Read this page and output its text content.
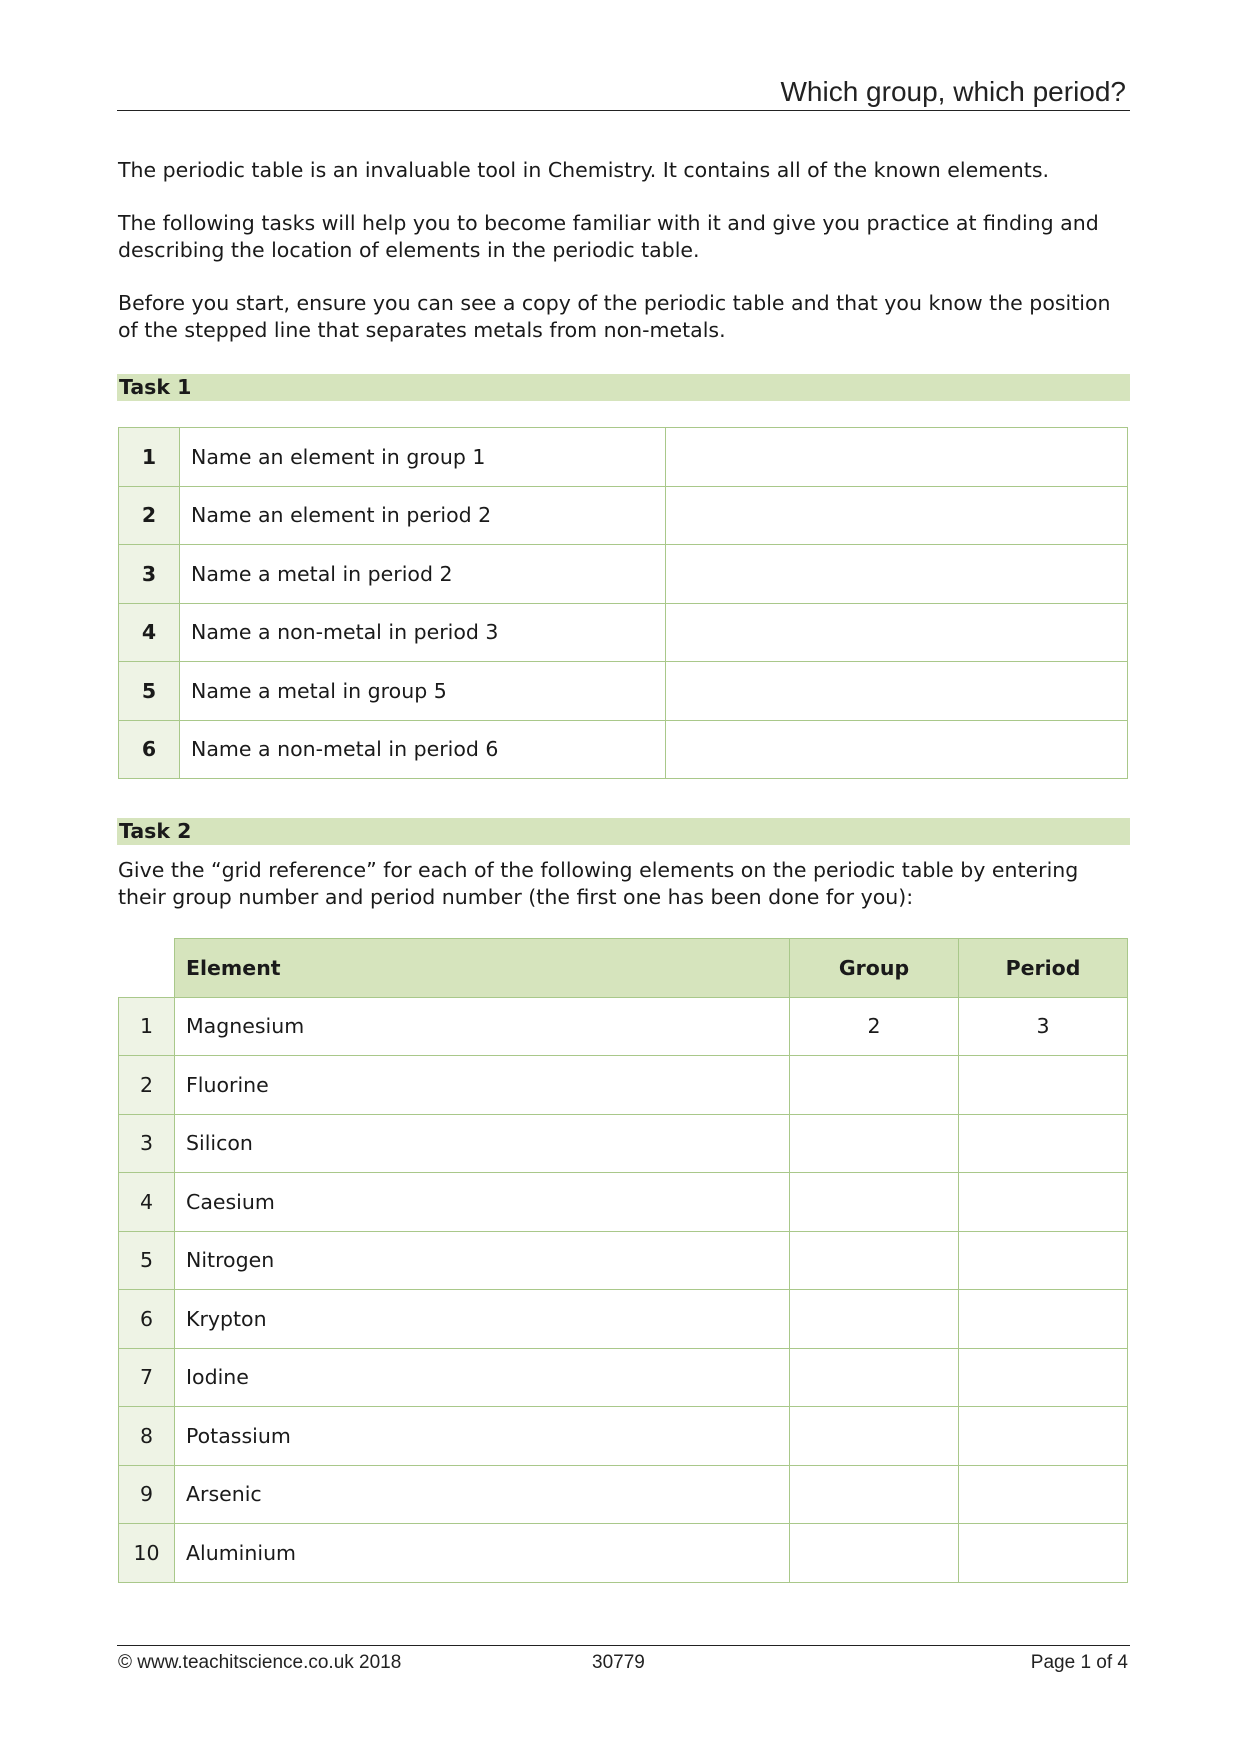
Which group, which period?
The periodic table is an invaluable tool in Chemistry. It contains all of the known elements.
The following tasks will help you to become familiar with it and give you practice at finding and describing the location of elements in the periodic table.
Before you start, ensure you can see a copy of the periodic table and that you know the position of the stepped line that separates metals from non-metals.
Task 1
1	Name an element in group 1	
2	Name an element in period 2	
3	Name a metal in period 2	
4	Name a non-metal in period 3	
5	Name a metal in group 5	
6	Name a non-metal in period 6	
Task 2
Give the “grid reference” for each of the following elements on the periodic table by entering their group number and period number (the first one has been done for you):
	Element	Group	Period
1	Magnesium	2	3
2	Fluorine		
3	Silicon		
4	Caesium		
5	Nitrogen		
6	Krypton		
7	Iodine		
8	Potassium		
9	Arsenic		
10	Aluminium		
© www.teachitscience.co.uk 2018	30779	Page 1 of 4
